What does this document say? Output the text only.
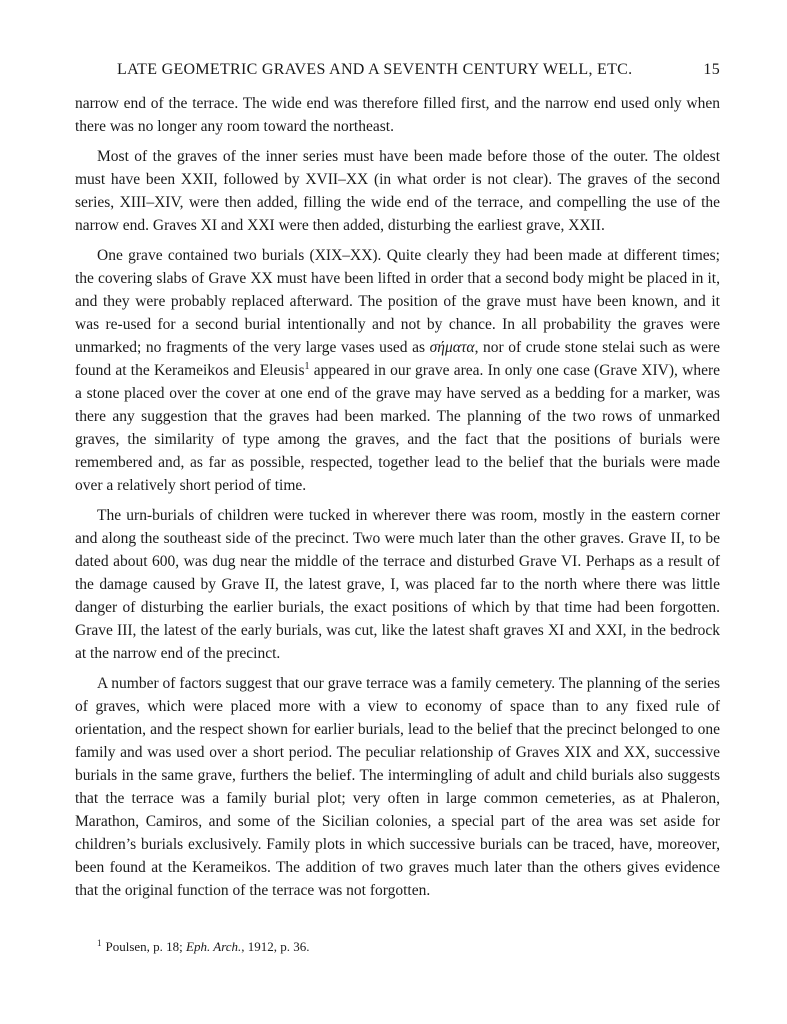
LATE GEOMETRIC GRAVES AND A SEVENTH CENTURY WELL, ETC.	15

narrow end of the terrace. The wide end was therefore filled first, and the narrow end used only when there was no longer any room toward the northeast.

Most of the graves of the inner series must have been made before those of the outer. The oldest must have been XXII, followed by XVII–XX (in what order is not clear). The graves of the second series, XIII–XIV, were then added, filling the wide end of the terrace, and compelling the use of the narrow end. Graves XI and XXI were then added, disturbing the earliest grave, XXII.

One grave contained two burials (XIX–XX). Quite clearly they had been made at different times; the covering slabs of Grave XX must have been lifted in order that a second body might be placed in it, and they were probably replaced afterward. The position of the grave must have been known, and it was re-used for a second burial intentionally and not by chance. In all probability the graves were unmarked; no fragments of the very large vases used as σήματα, nor of crude stone stelai such as were found at the Kerameikos and Eleusis$^1$ appeared in our grave area. In only one case (Grave XIV), where a stone placed over the cover at one end of the grave may have served as a bedding for a marker, was there any suggestion that the graves had been marked. The planning of the two rows of unmarked graves, the similarity of type among the graves, and the fact that the positions of burials were remembered and, as far as possible, respected, together lead to the belief that the burials were made over a relatively short period of time.

The urn-burials of children were tucked in wherever there was room, mostly in the eastern corner and along the southeast side of the precinct. Two were much later than the other graves. Grave II, to be dated about 600, was dug near the middle of the terrace and disturbed Grave VI. Perhaps as a result of the damage caused by Grave II, the latest grave, I, was placed far to the north where there was little danger of disturbing the earlier burials, the exact positions of which by that time had been forgotten. Grave III, the latest of the early burials, was cut, like the latest shaft graves XI and XXI, in the bedrock at the narrow end of the precinct.

A number of factors suggest that our grave terrace was a family cemetery. The planning of the series of graves, which were placed more with a view to economy of space than to any fixed rule of orientation, and the respect shown for earlier burials, lead to the belief that the precinct belonged to one family and was used over a short period. The peculiar relationship of Graves XIX and XX, successive burials in the same grave, furthers the belief. The intermingling of adult and child burials also suggests that the terrace was a family burial plot; very often in large common cemeteries, as at Phaleron, Marathon, Camiros, and some of the Sicilian colonies, a special part of the area was set aside for children’s burials exclusively. Family plots in which successive burials can be traced, have, moreover, been found at the Kerameikos. The addition of two graves much later than the others gives evidence that the original function of the terrace was not forgotten.

$^1$ Poulsen, p. 18; Eph. Arch., 1912, p. 36.
